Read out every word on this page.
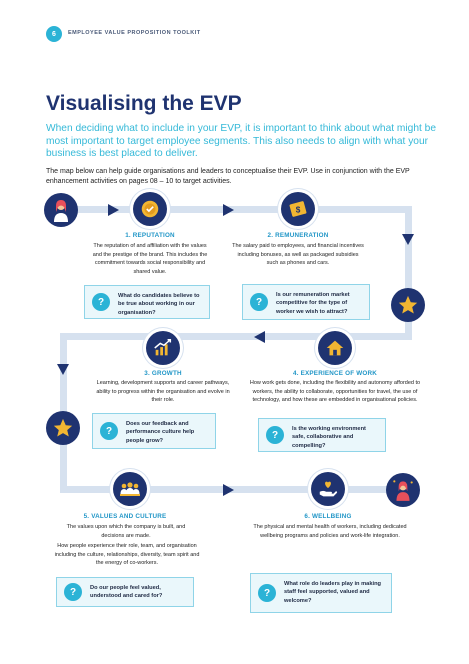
6	EMPLOYEE VALUE PROPOSITION TOOLKIT
Visualising the EVP
When deciding what to include in your EVP, it is important to think about what might be most important to target employee segments. This also needs to align with what your business is best placed to deliver.
The map below can help guide organisations and leaders to conceptualise their EVP. Use in conjunction with the EVP enhancement activities on pages 08 – 10 to target activities.
1. REPUTATION
The reputation of and affiliation with the values and the prestige of the brand. This includes the commitment towards social responsibility and shared value.
?
What do candidates believe to be true about working in our organisation?
$
2. REMUNERATION
The salary paid to employees, and financial incentives including bonuses, as well as packaged subsidies such as phones and cars.
?
Is our remuneration market competitive for the type of worker we wish to attract?
3. GROWTH
Learning, development supports and career pathways, ability to progress within the organisation and evolve in their role.
?
Does our feedback and performance culture help people grow?
4. EXPERIENCE OF WORK
How work gets done, including the flexibility and autonomy afforded to workers, the ability to collaborate, opportunities for travel, the use of technology, and how these are embedded in organisational policies.
?
Is the working environment safe, collaborative and compelling?
5. VALUES AND CULTURE
The values upon which the company is built, and decisions are made.
How people experience their role, team, and organisation including the culture, relationships, diversity, team spirit and the energy of co-workers.
?	Do our people feel valued, understood and cared for?
6. WELLBEING
The physical and mental health of workers, including dedicated wellbeing programs and policies and work-life integration.
?
What role do leaders play in making staff feel supported, valued and welcome?
